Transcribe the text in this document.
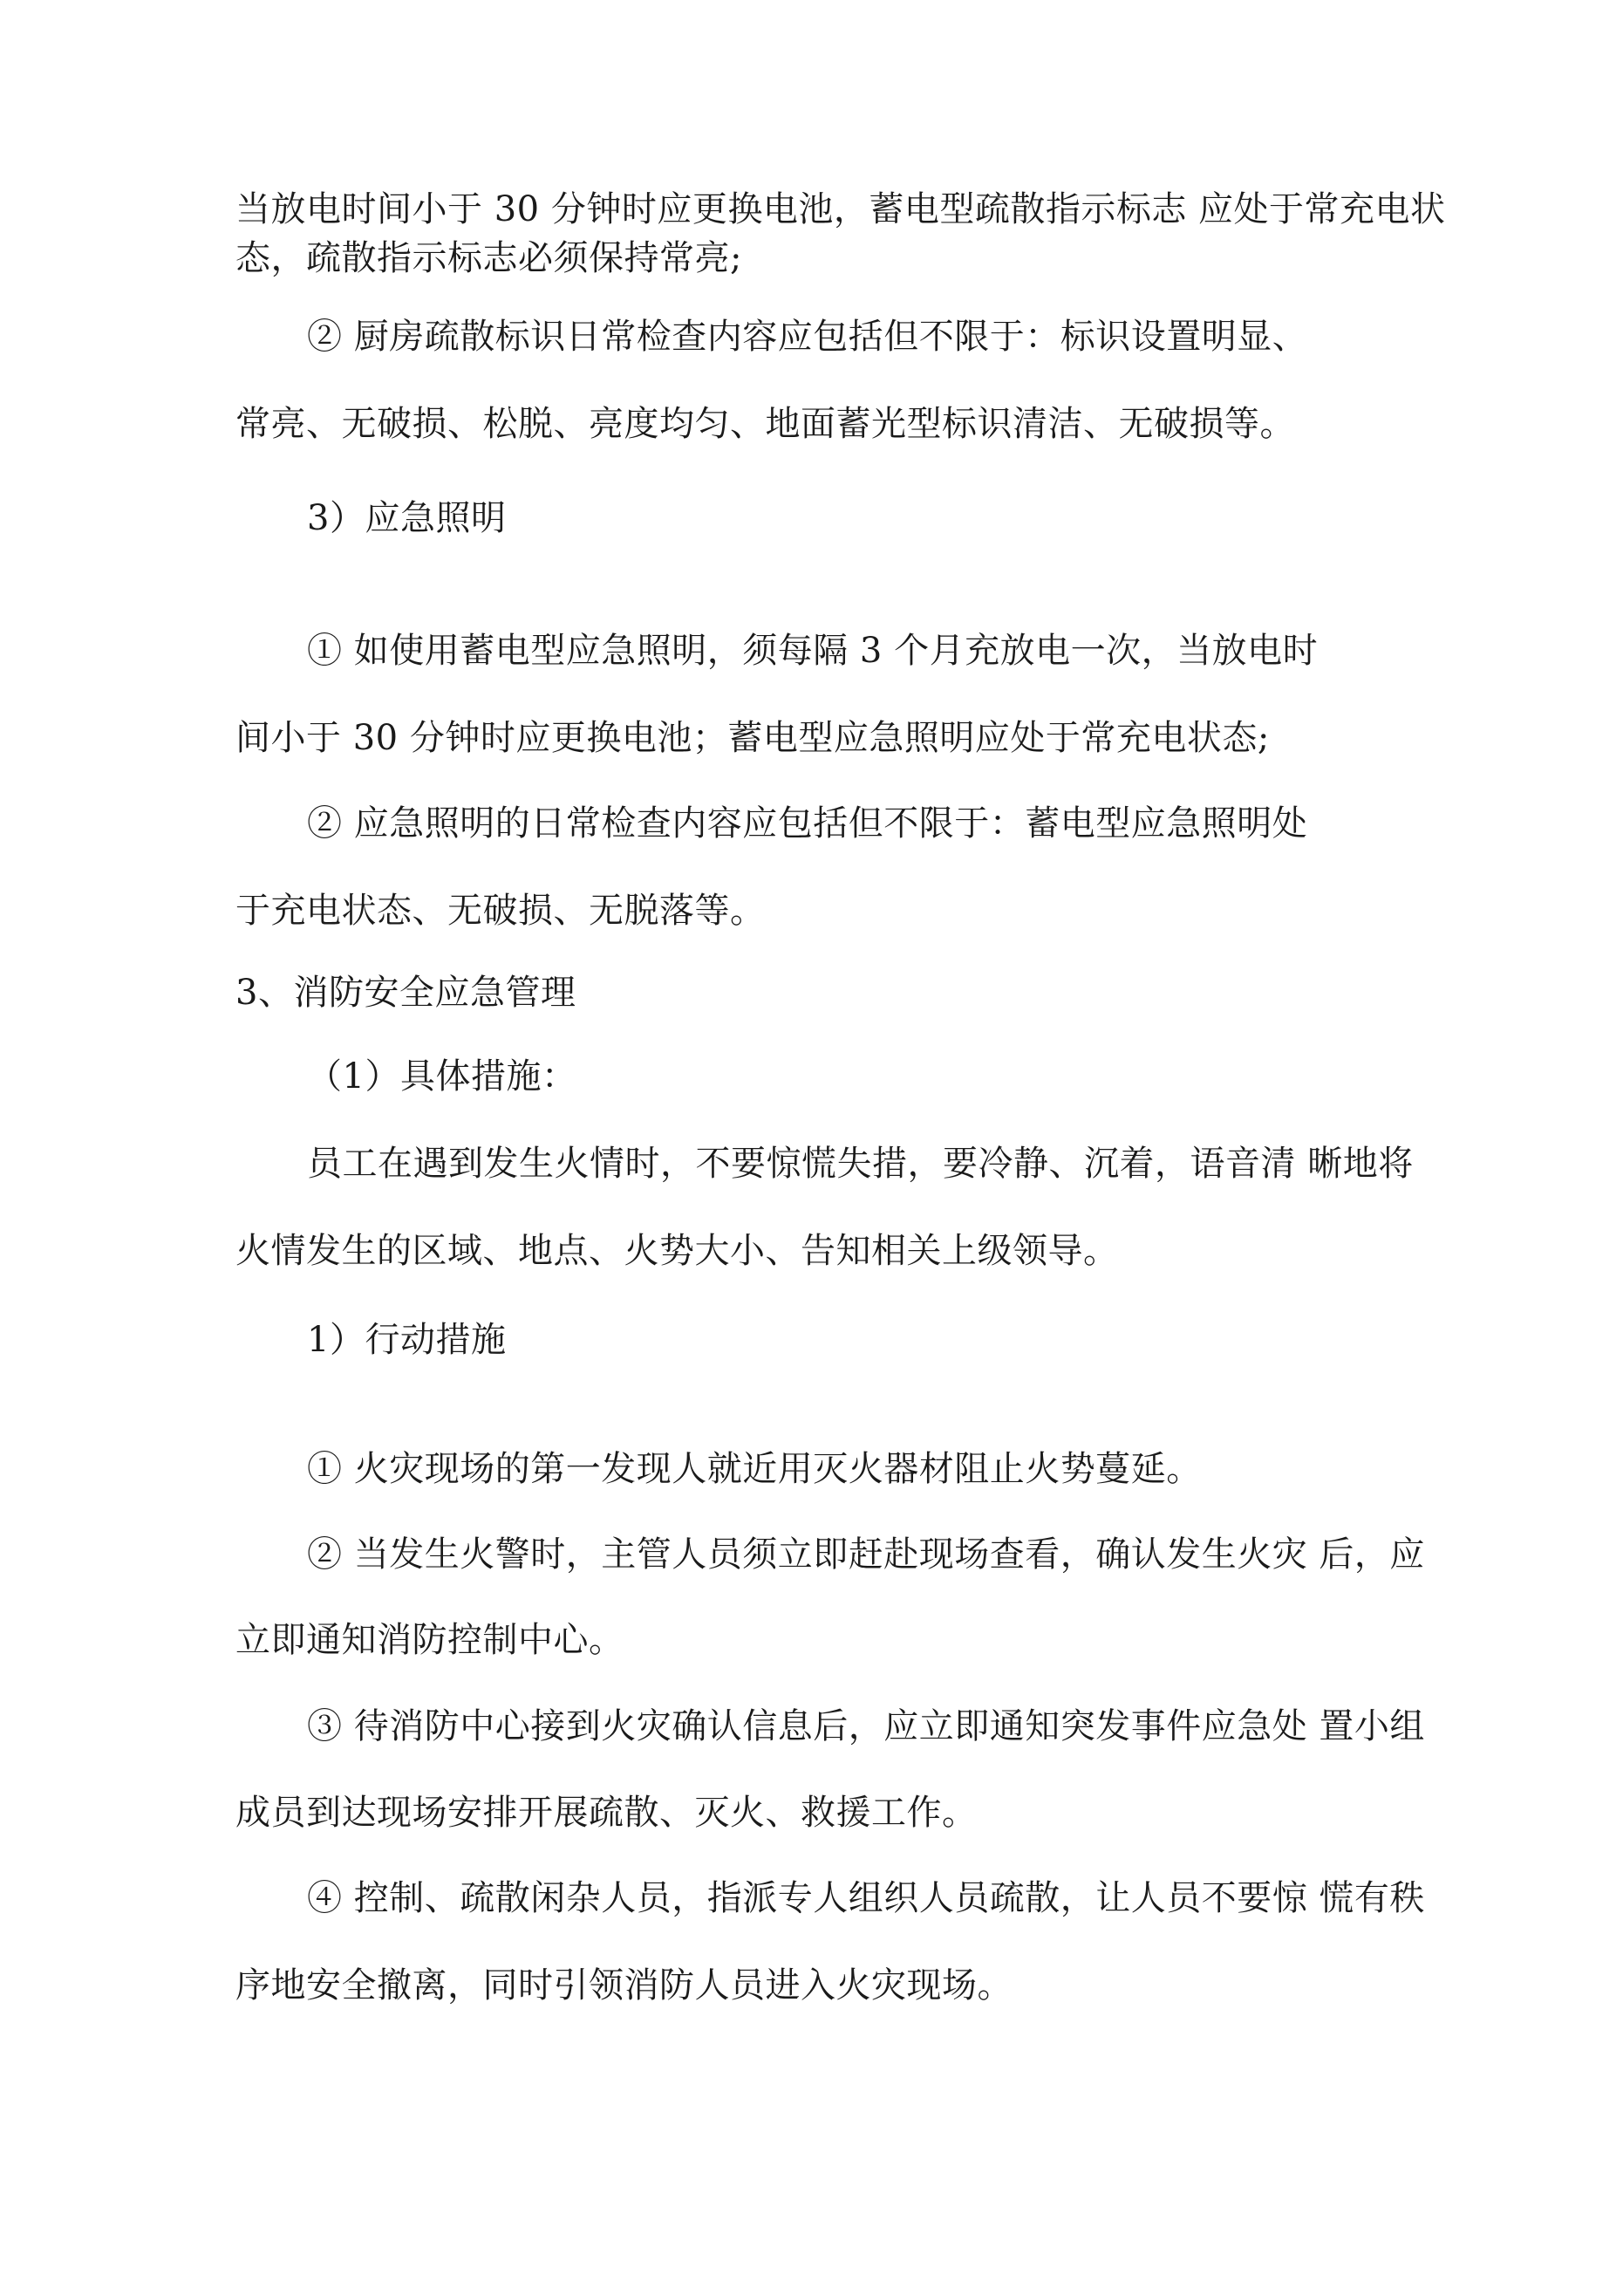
当放电时间小于 30 分钟时应更换电池，蓄电型疏散指示标志 应处于常充电状
态，疏散指示标志必须保持常亮;
② 厨房疏散标识日常检查内容应包括但不限于：标识设置明显、
常亮、无破损、松脱、亮度均匀、地面蓄光型标识清洁、无破损等。
3）应急照明
① 如使用蓄电型应急照明，须每隔 3 个月充放电一次，当放电时
间小于 30 分钟时应更换电池；蓄电型应急照明应处于常充电状态;
② 应急照明的日常检查内容应包括但不限于：蓄电型应急照明处
于充电状态、无破损、无脱落等。
3、消防安全应急管理
（1）具体措施：
员工在遇到发生火情时，不要惊慌失措，要冷静、沉着，语音清 晰地将
火情发生的区域、地点、火势大小、告知相关上级领导。
1）行动措施
① 火灾现场的第一发现人就近用灭火器材阻止火势蔓延。
② 当发生火警时，主管人员须立即赶赴现场查看，确认发生火灾 后，应
立即通知消防控制中心。
③ 待消防中心接到火灾确认信息后，应立即通知突发事件应急处 置小组
成员到达现场安排开展疏散、灭火、救援工作。
④ 控制、疏散闲杂人员，指派专人组织人员疏散，让人员不要惊 慌有秩
序地安全撤离，同时引领消防人员进入火灾现场。
